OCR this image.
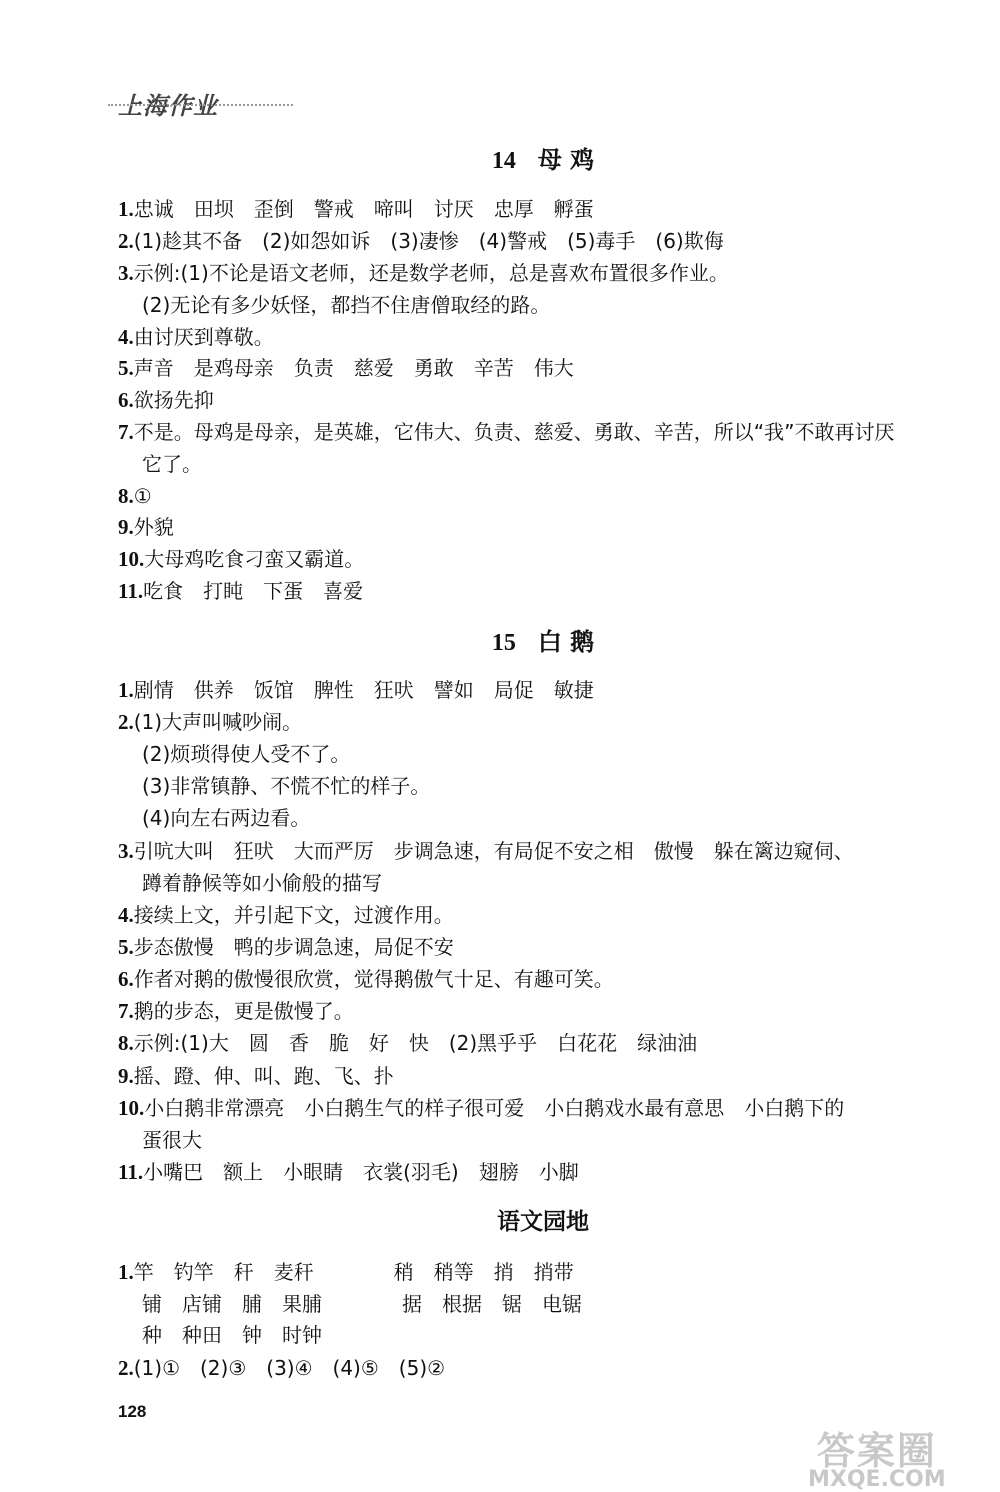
上海作业
14 母 鸡
1.忠诚　田坝　歪倒　警戒　啼叫　讨厌　忠厚　孵蛋
2.(1)趁其不备　(2)如怨如诉　(3)凄惨　(4)警戒　(5)毒手　(6)欺侮
3.示例:(1)不论是语文老师，还是数学老师，总是喜欢布置很多作业。
(2)无论有多少妖怪，都挡不住唐僧取经的路。
4.由讨厌到尊敬。
5.声音　是鸡母亲　负责　慈爱　勇敢　辛苦　伟大
6.欲扬先抑
7.不是。母鸡是母亲，是英雄，它伟大、负责、慈爱、勇敢、辛苦，所以“我”不敢再讨厌
它了。
8.①
9.外貌
10.大母鸡吃食刁蛮又霸道。
11.吃食　打盹　下蛋　喜爱
15 白 鹅
1.剧情　供养　饭馆　脾性　狂吠　譬如　局促　敏捷
2.(1)大声叫喊吵闹。
(2)烦琐得使人受不了。
(3)非常镇静、不慌不忙的样子。
(4)向左右两边看。
3.引吭大叫　狂吠　大而严厉　步调急速，有局促不安之相　傲慢　躲在篱边窥伺、
蹲着静候等如小偷般的描写
4.接续上文，并引起下文，过渡作用。
5.步态傲慢　鸭的步调急速，局促不安
6.作者对鹅的傲慢很欣赏，觉得鹅傲气十足、有趣可笑。
7.鹅的步态，更是傲慢了。
8.示例:(1)大　圆　香　脆　好　快　(2)黑乎乎　白花花　绿油油
9.摇、蹬、伸、叫、跑、飞、扑
10.小白鹅非常漂亮　小白鹅生气的样子很可爱　小白鹅戏水最有意思　小白鹅下的
蛋很大
11.小嘴巴　额上　小眼睛　衣裳(羽毛)　翅膀　小脚
语文园地
1.竿　钓竿　秆　麦秆　　　　稍　稍等　捎　捎带
铺　店铺　脯　果脯　　　　据　根据　锯　电锯
种　种田　钟　时钟
2.(1)①　(2)③　(3)④　(4)⑤　(5)②
128
答案圈
MXQE.COM
